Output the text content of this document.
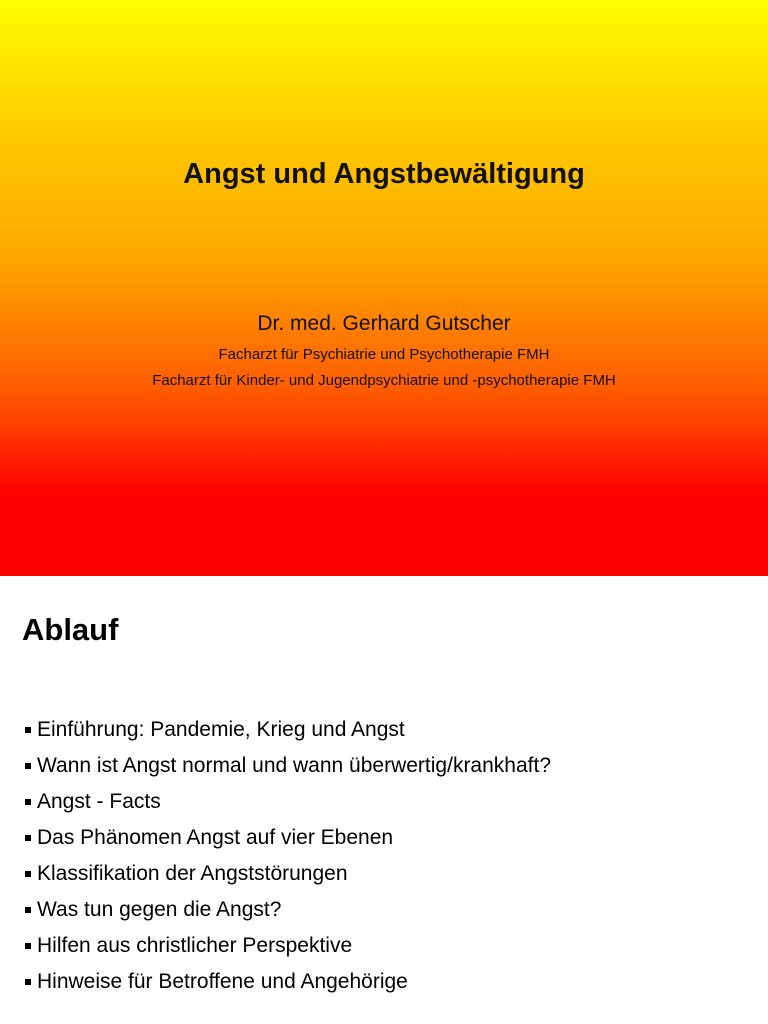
Angst und Angstbewältigung
Dr. med. Gerhard Gutscher
Facharzt für Psychiatrie und Psychotherapie FMH
Facharzt für Kinder- und Jugendpsychiatrie und -psychotherapie FMH
Ablauf
Einführung: Pandemie, Krieg und Angst
Wann ist Angst normal und wann überwertig/krankhaft?
Angst - Facts
Das Phänomen Angst auf vier Ebenen
Klassifikation der Angststörungen
Was tun gegen die Angst?
Hilfen aus christlicher Perspektive
Hinweise für Betroffene und Angehörige
